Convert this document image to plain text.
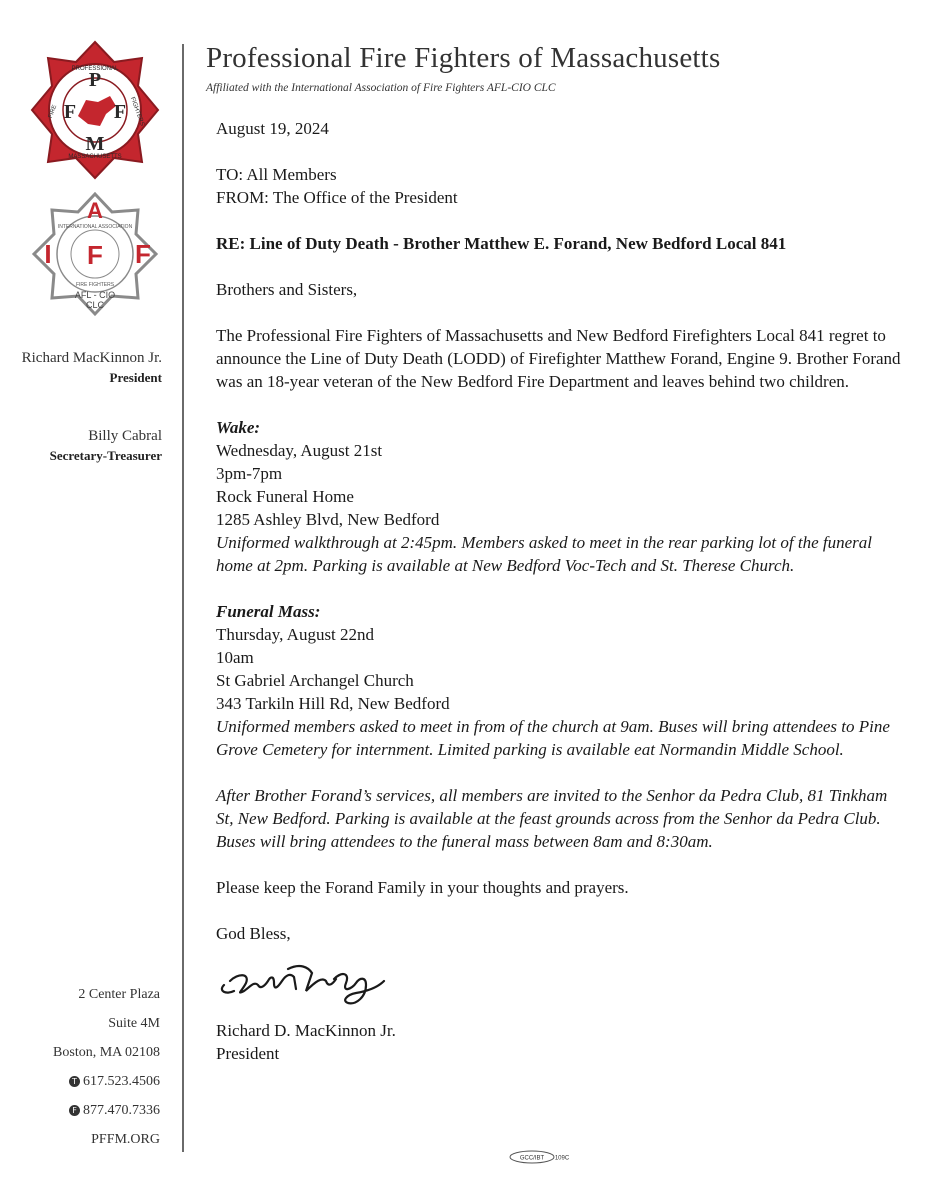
P
F F
M
PROFESSIONAL
FIRE	FIGHTERS
MASSACHUSETTS
A
I F F
INTERNATIONAL ASSOCIATION
FIRE FIGHTERS
AFL - CIO
CLC
Richard MacKinnon Jr.
President
Billy Cabral
Secretary-Treasurer
2 Center Plaza
Suite 4M
Boston, MA 02108
T 617.523.4506
F 877.470.7336
PFFM.ORG
Professional Fire Fighters of Massachusetts
Affiliated with the International Association of Fire Fighters AFL-CIO CLC

August 19, 2024

TO: All Members

FROM: The Office of the President

RE: Line of Duty Death - Brother Matthew E. Forand, New Bedford Local 841

Brothers and Sisters,

The Professional Fire Fighters of Massachusetts and New Bedford Firefighters Local 841 regret to announce the Line of Duty Death (LODD) of Firefighter Matthew Forand, Engine 9. Brother Forand was an 18-year veteran of the New Bedford Fire Department and leaves behind two children.

Wake:

Wednesday, August 21st

3pm-7pm

Rock Funeral Home

1285 Ashley Blvd, New Bedford

Uniformed walkthrough at 2:45pm. Members asked to meet in the rear parking lot of the funeral home at 2pm. Parking is available at New Bedford Voc-Tech and St. Therese Church.

Funeral Mass:

Thursday, August 22nd

10am

St Gabriel Archangel Church

343 Tarkiln Hill Rd, New Bedford

Uniformed members asked to meet in from of the church at 9am. Buses will bring attendees to Pine Grove Cemetery for internment. Limited parking is available eat Normandin Middle School.

After Brother Forand’s services, all members are invited to the Senhor da Pedra Club, 81 Tinkham St, New Bedford. Parking is available at the feast grounds across from the Senhor da Pedra Club. Buses will bring attendees to the funeral mass between 8am and 8:30am.

Please keep the Forand Family in your thoughts and prayers.

God Bless,

Richard D. MacKinnon Jr.

President

GCC/IBT 109C
